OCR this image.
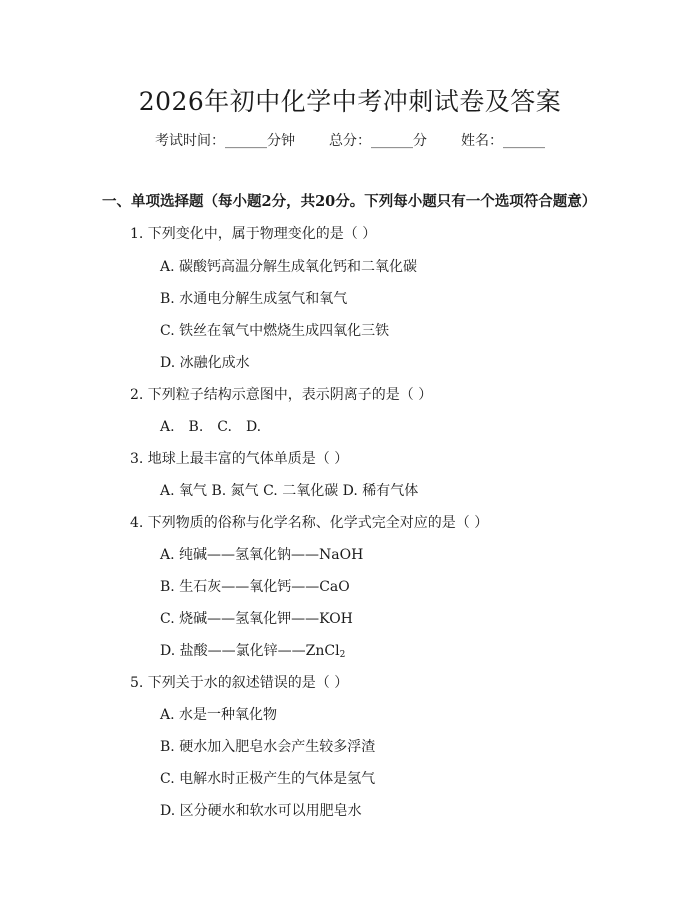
2026年初中化学中考冲刺试卷及答案
考试时间：______分钟 总分：______分 姓名：______
一、单项选择题（每小题2分，共20分。下列每小题只有一个选项符合题意）
1. 下列变化中，属于物理变化的是（ ）
A. 碳酸钙高温分解生成氧化钙和二氧化碳
B. 水通电分解生成氢气和氧气
C. 铁丝在氧气中燃烧生成四氧化三铁
D. 冰融化成水
2. 下列粒子结构示意图中，表示阴离子的是（ ）
A.　B.　C.　D.
3. 地球上最丰富的气体单质是（ ）
A. 氧气 B. 氮气 C. 二氧化碳 D. 稀有气体
4. 下列物质的俗称与化学名称、化学式完全对应的是（ ）
A. 纯碱——氢氧化钠——NaOH
B. 生石灰——氧化钙——CaO
C. 烧碱——氢氧化钾——KOH
D. 盐酸——氯化锌——ZnCl$_2$
5. 下列关于水的叙述错误的是（ ）
A. 水是一种氧化物
B. 硬水加入肥皂水会产生较多浮渣
C. 电解水时正极产生的气体是氢气
D. 区分硬水和软水可以用肥皂水
